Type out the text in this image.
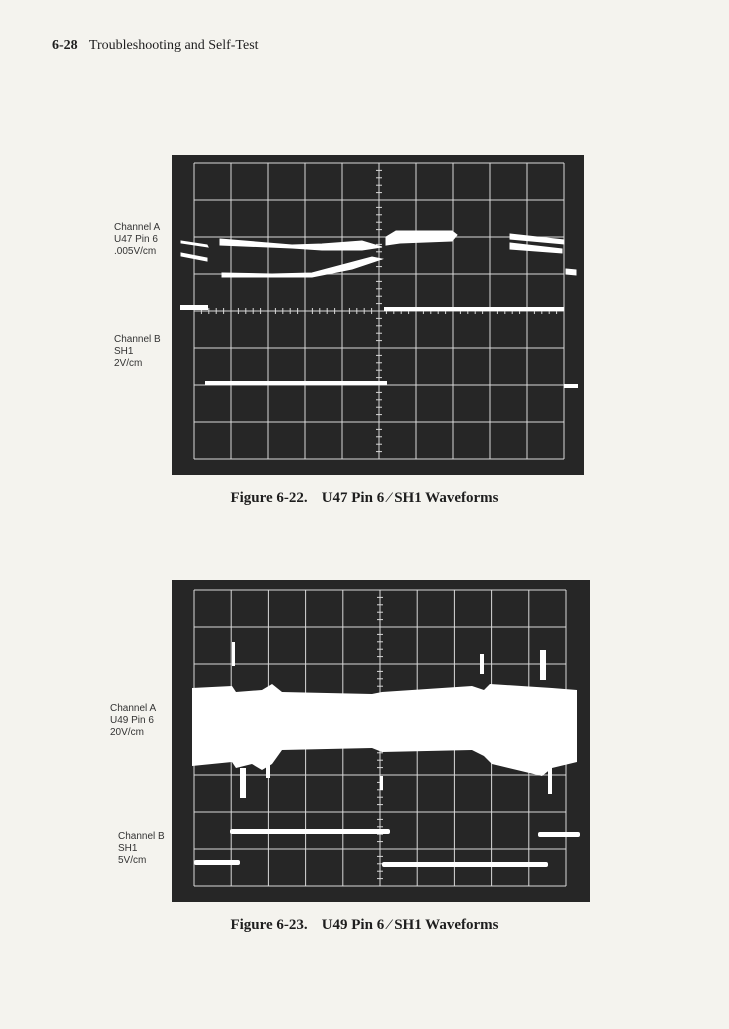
6-28 Troubleshooting and Self-Test
Channel A
U47 Pin 6
.005V/cm
Channel B
SH1
2V/cm
Figure 6-22. U47 Pin 6 ⁄ SH1 Waveforms
Channel A
U49 Pin 6
20V/cm
Channel B
SH1
5V/cm
Figure 6-23. U49 Pin 6 ⁄ SH1 Waveforms
